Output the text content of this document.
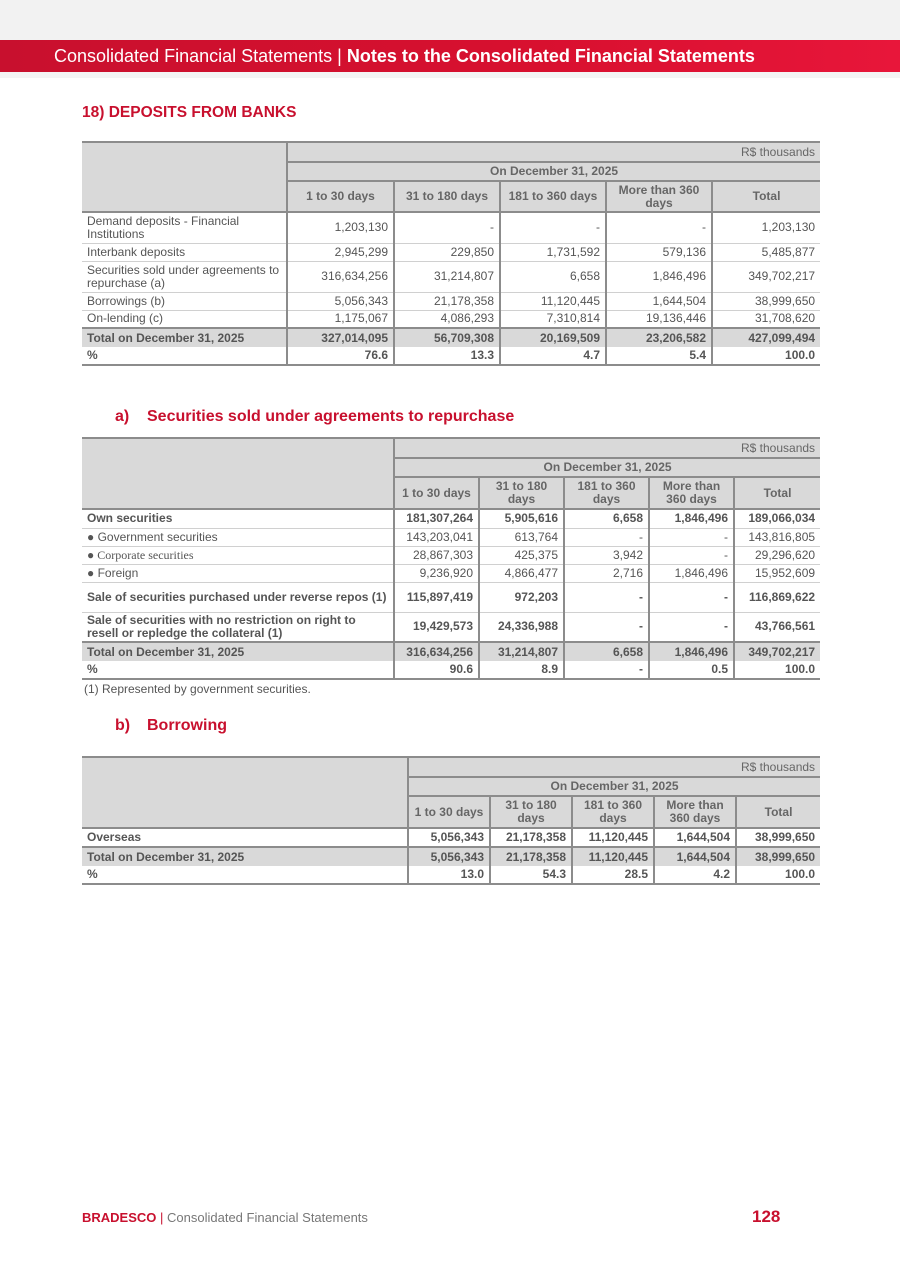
Consolidated Financial Statements | Notes to the Consolidated Financial Statements
18) DEPOSITS FROM BANKS
	R$ thousands				
	On December 31, 2025				
	1 to 30 days	31 to 180 days	181 to 360 days	More than 360 days	Total
Demand deposits - Financial Institutions	1,203,130	-	-	-	1,203,130
Interbank deposits	2,945,299	229,850	1,731,592	579,136	5,485,877
Securities sold under agreements to repurchase (a)	316,634,256	31,214,807	6,658	1,846,496	349,702,217
Borrowings (b)	5,056,343	21,178,358	11,120,445	1,644,504	38,999,650
On-lending (c)	1,175,067	4,086,293	7,310,814	19,136,446	31,708,620
Total on December 31, 2025	327,014,095	56,709,308	20,169,509	23,206,582	427,099,494
%	76.6	13.3	4.7	5.4	100.0
a) Securities sold under agreements to repurchase
	R$ thousands				
	On December 31, 2025				
	1 to 30 days	31 to 180 days	181 to 360 days	More than 360 days	Total
Own securities	181,307,264	5,905,616	6,658	1,846,496	189,066,034
● Government securities	143,203,041	613,764	-	-	143,816,805
● Corporate securities	28,867,303	425,375	3,942	-	29,296,620
● Foreign	9,236,920	4,866,477	2,716	1,846,496	15,952,609
Sale of securities purchased under reverse repos (1)	115,897,419	972,203	-	-	116,869,622
Sale of securities with no restriction on right to resell or repledge the collateral (1)	19,429,573	24,336,988	-	-	43,766,561
Total on December 31, 2025	316,634,256	31,214,807	6,658	1,846,496	349,702,217
%	90.6	8.9	-	0.5	100.0
(1) Represented by government securities.
b) Borrowing
	R$ thousands				
	On December 31, 2025				
	1 to 30 days	31 to 180 days	181 to 360 days	More than 360 days	Total
Overseas	5,056,343	21,178,358	11,120,445	1,644,504	38,999,650
Total on December 31, 2025	5,056,343	21,178,358	11,120,445	1,644,504	38,999,650
%	13.0	54.3	28.5	4.2	100.0
BRADESCO | Consolidated Financial Statements	128
